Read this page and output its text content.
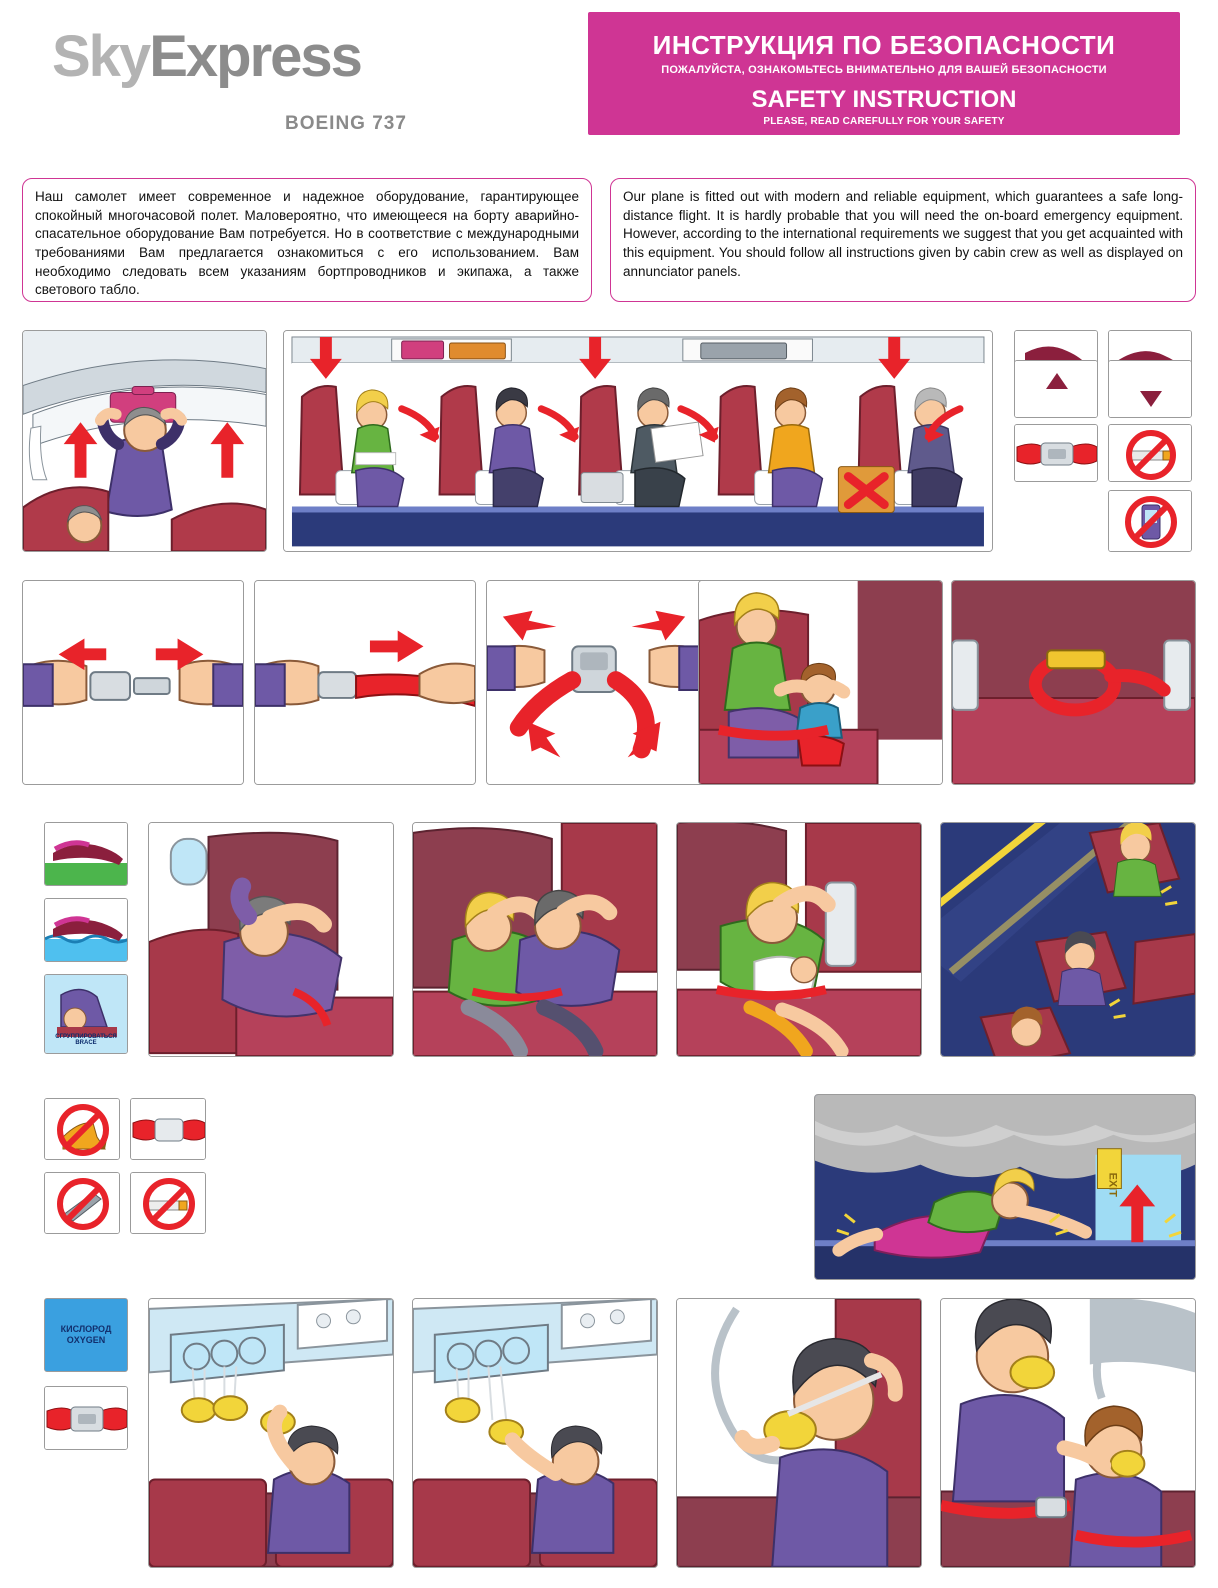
SkyExpress
BOEING 737
ИНСТРУКЦИЯ ПО БЕЗОПАСНОСТИ
ПОЖАЛУЙСТА, ОЗНАКОМЬТЕСЬ ВНИМАТЕЛЬНО ДЛЯ ВАШЕЙ БЕЗОПАСНОСТИ
SAFETY INSTRUCTION
PLEASE, READ CAREFULLY FOR YOUR SAFETY
Наш самолет имеет современное и надежное оборудование, гарантирующее спокойный многочасовой полет. Маловероятно, что имеющееся на борту аварийно-спасательное оборудование Вам потребуется. Но в соответствие с международными требованиями Вам предлагается ознакомиться с его использованием. Вам необходимо следовать всем указаниям бортпроводников и экипажа, а также светового табло.
Our plane is fitted out with modern and reliable equipment, which guarantees a safe long-distance flight. It is hardly probable that you will need the on-board emergency equipment. However, according to the international requirements we suggest that you get acquainted with this equipment. You should follow all instructions given by cabin crew as well as displayed on annunciator panels.
СГРУППИРОВАТЬСЯ
BRACE
EXIT
КИСЛОРОД
OXYGEN
